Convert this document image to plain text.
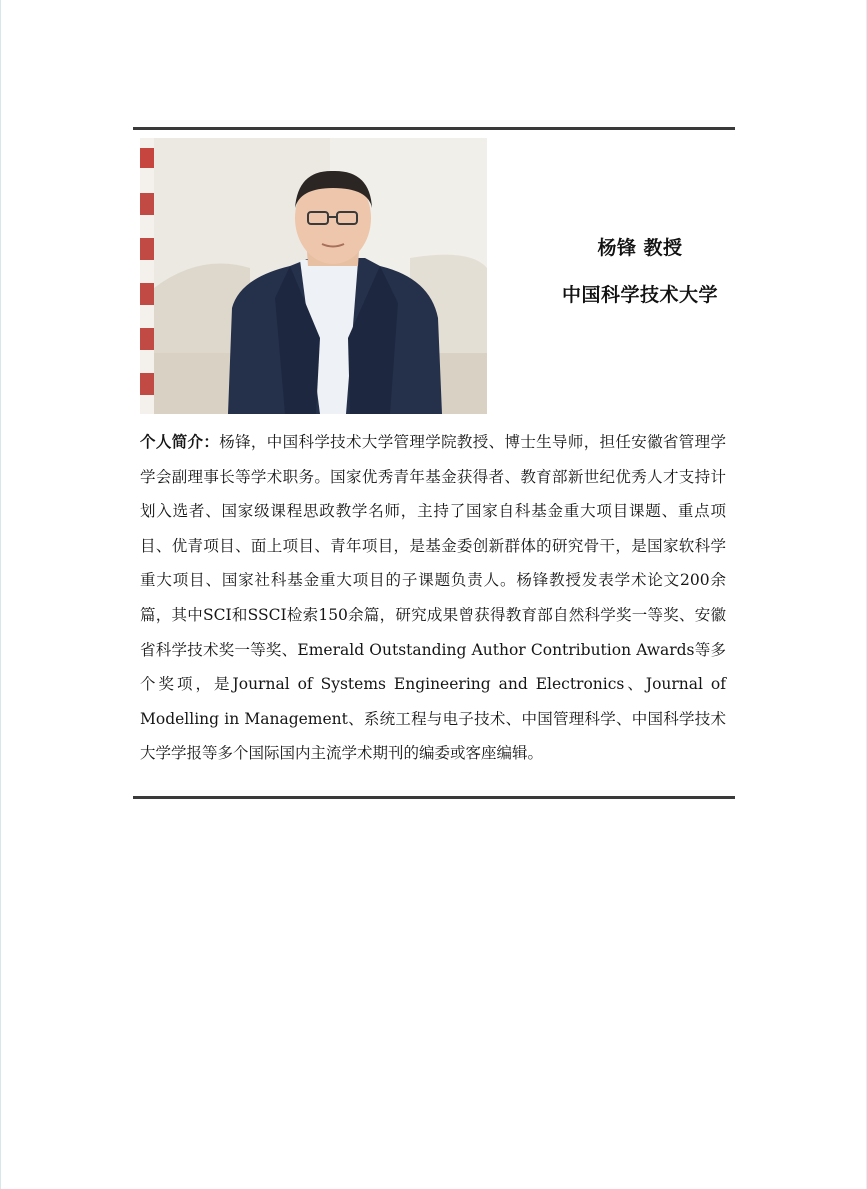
杨锋 教授

中国科学技术大学

个人简介：杨锋，中国科学技术大学管理学院教授、博士生导师，担任安徽省管理学学会副理事长等学术职务。国家优秀青年基金获得者、教育部新世纪优秀人才支持计划入选者、国家级课程思政教学名师，主持了国家自科基金重大项目课题、重点项目、优青项目、面上项目、青年项目，是基金委创新群体的研究骨干，是国家软科学重大项目、国家社科基金重大项目的子课题负责人。杨锋教授发表学术论文200余篇，其中SCI和SSCI检索150余篇，研究成果曾获得教育部自然科学奖一等奖、安徽省科学技术奖一等奖、Emerald Outstanding Author Contribution Awards等多个奖项，是Journal of Systems Engineering and Electronics、Journal of Modelling in Management、系统工程与电子技术、中国管理科学、中国科学技术大学学报等多个国际国内主流学术期刊的编委或客座编辑。
